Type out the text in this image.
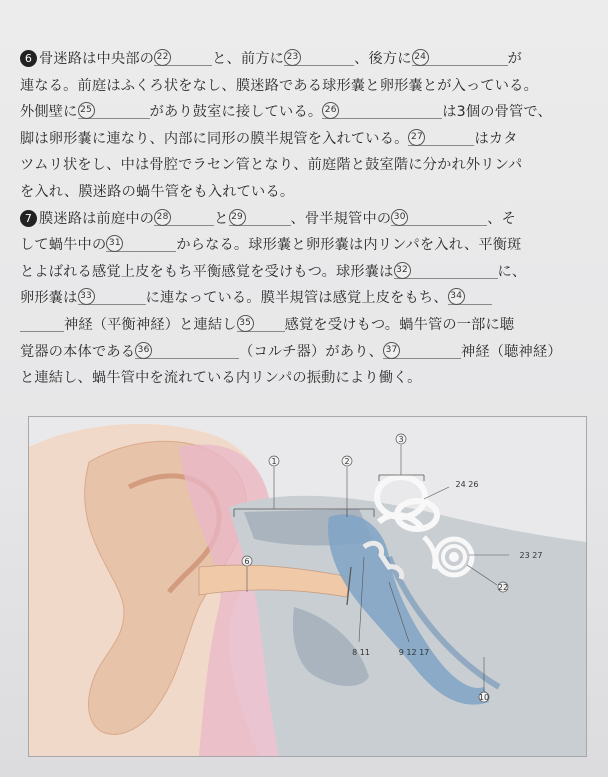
6 骨迷路は中央部の 22	と、前方に 23	、後方に 24	が
連なる。前庭はふくろ状をなし、膜迷路である球形嚢と卵形嚢とが入っている。
外側壁に 25	があり鼓室に接している。 26	は3個の骨管で、
脚は卵形嚢に連なり、内部に同形の膜半規管を入れている。 27	はカタ
ツムリ状をし、中は骨腔でラセン管となり、前庭階と鼓室階に分かれ外リンパ
を入れ、膜迷路の蝸牛管をも入れている。
7 膜迷路は前庭中の 28	と 29	、骨半規管中の 30	、そ
して蝸牛中の 31	からなる。球形嚢と卵形嚢は内リンパを入れ、平衡斑
とよばれる感覚上皮をもち平衡感覚を受けもつ。球形嚢は 32	に、
卵形嚢は 33	に連なっている。膜半規管は感覚上皮をもち、 34
神経（平衡神経）と連結し 35 感覚を受けもつ。蝸牛管の一部に聴
覚器の本体である 36	（コルチ器）があり、 37	神経（聴神経）
と連結し、蝸牛管中を流れている内リンパの振動により働く。
1	2
3
6
8 11	9 12 17
10
22
23 27
24 26
